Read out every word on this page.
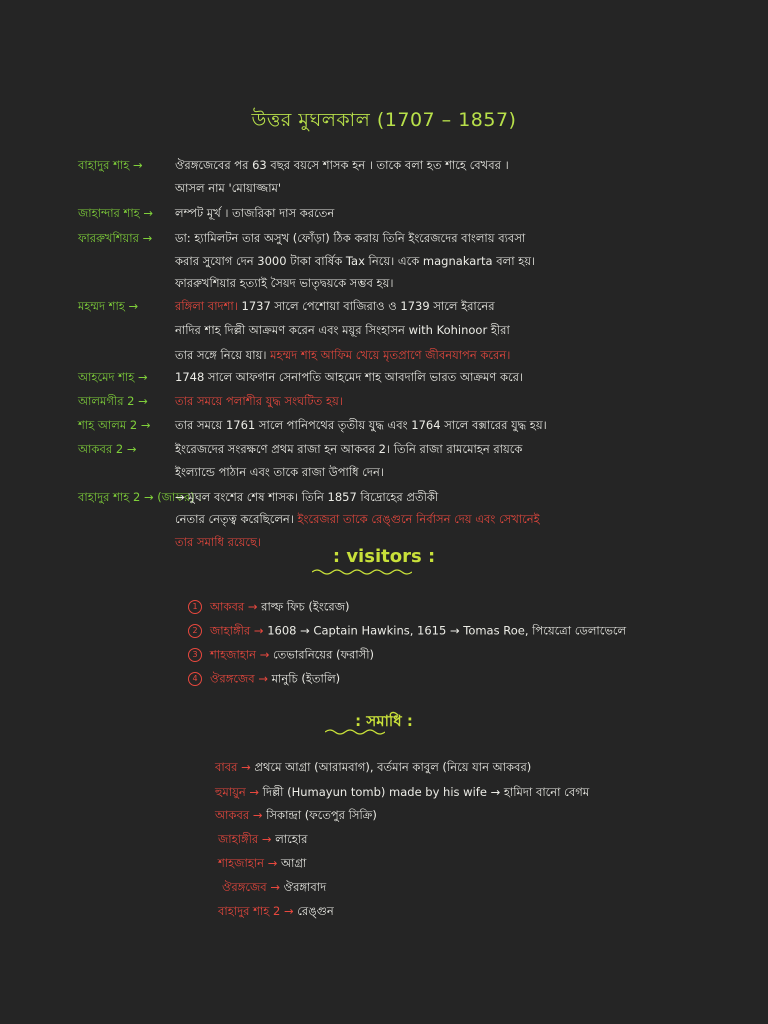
উত্তর মুঘলকাল (1707 – 1857)
বাহাদুর শাহ →	ঔরঙ্গজেবের পর 63 বছর বয়সে শাসক হন । তাকে বলা হত শাহে বেখবর ।
আসল নাম 'মোয়াজ্জাম'
জাহান্দার শাহ → লম্পট মূর্খ । তাজরিকা দাস করতেন
ফাররুখশিয়ার → ডা: হ্যামিলটন তার অসুখ (ফোঁড়া) ঠিক করায় তিনি ইংরেজদের বাংলায় ব্যবসা
করার সুযোগ দেন 3000 টাকা বার্ষিক Tax নিয়ে। একে magnakarta বলা হয়।
ফাররুখশিয়ার হত্যাই সৈয়দ ভাতৃদ্বয়কে সম্ভব হয়।
মহম্মদ শাহ →	রঙ্গিলা বাদশা। 1737 সালে পেশোয়া বাজিরাও ও 1739 সালে ইরানের
নাদির শাহ দিল্লী আক্রমণ করেন এবং ময়ূর সিংহাসন with Kohinoor হীরা
তার সঙ্গে নিয়ে যায়। মহম্মদ শাহ আফিম খেয়ে মৃতপ্রাণে জীবনযাপন করেন।
আহমেদ শাহ → 1748 সালে আফগান সেনাপতি আহমেদ শাহ আবদালি ভারত আক্রমণ করে।
আলমগীর 2 → তার সময়ে পলাশীর যুদ্ধ সংঘটিত হয়।
শাহ আলম 2 → তার সময়ে 1761 সালে পানিপথের তৃতীয় যুদ্ধ এবং 1764 সালে বক্সারের যুদ্ধ হয়।
আকবর 2 →	ইংরেজদের সংরক্ষণে প্রথম রাজা হন আকবর 2। তিনি রাজা রামমোহন রায়কে
ইংল্যান্ডে পাঠান এবং তাকে রাজা উপাধি দেন।
বাহাদুর শাহ 2 → (জাফর) :
→ মুঘল বংশের শেষ শাসক। তিনি 1857 বিদ্রোহের প্রতীকী
নেতার নেতৃত্ব করেছিলেন। ইংরেজরা তাকে রেঙ্গুনে নির্বাসন দেয় এবং সেখানেই
তার সমাধি রয়েছে।
: visitors :
1 আকবর → রাল্ফ ফিচ (ইংরেজ)
2 জাহাঙ্গীর → 1608 → Captain Hawkins, 1615 → Tomas Roe, পিয়েত্রো ডেলাভেলে
3 শাহজাহান → তেভারনিয়ের (ফরাসী)
4 ঔরঙ্গজেব → মানুচি (ইতালি)
: সমাধি :
বাবর → প্রথমে আগ্রা (আরামবাগ), বর্তমান কাবুল (নিয়ে যান আকবর)
হুমায়ুন → দিল্লী (Humayun tomb) made by his wife → হামিদা বানো বেগম
আকবর → সিকান্দ্রা (ফতেপুর সিক্রি)
জাহাঙ্গীর → লাহোর
শাহজাহান → আগ্রা
ঔরঙ্গজেব → ঔরঙ্গাবাদ
বাহাদুর শাহ 2 → রেঙ্গুন
